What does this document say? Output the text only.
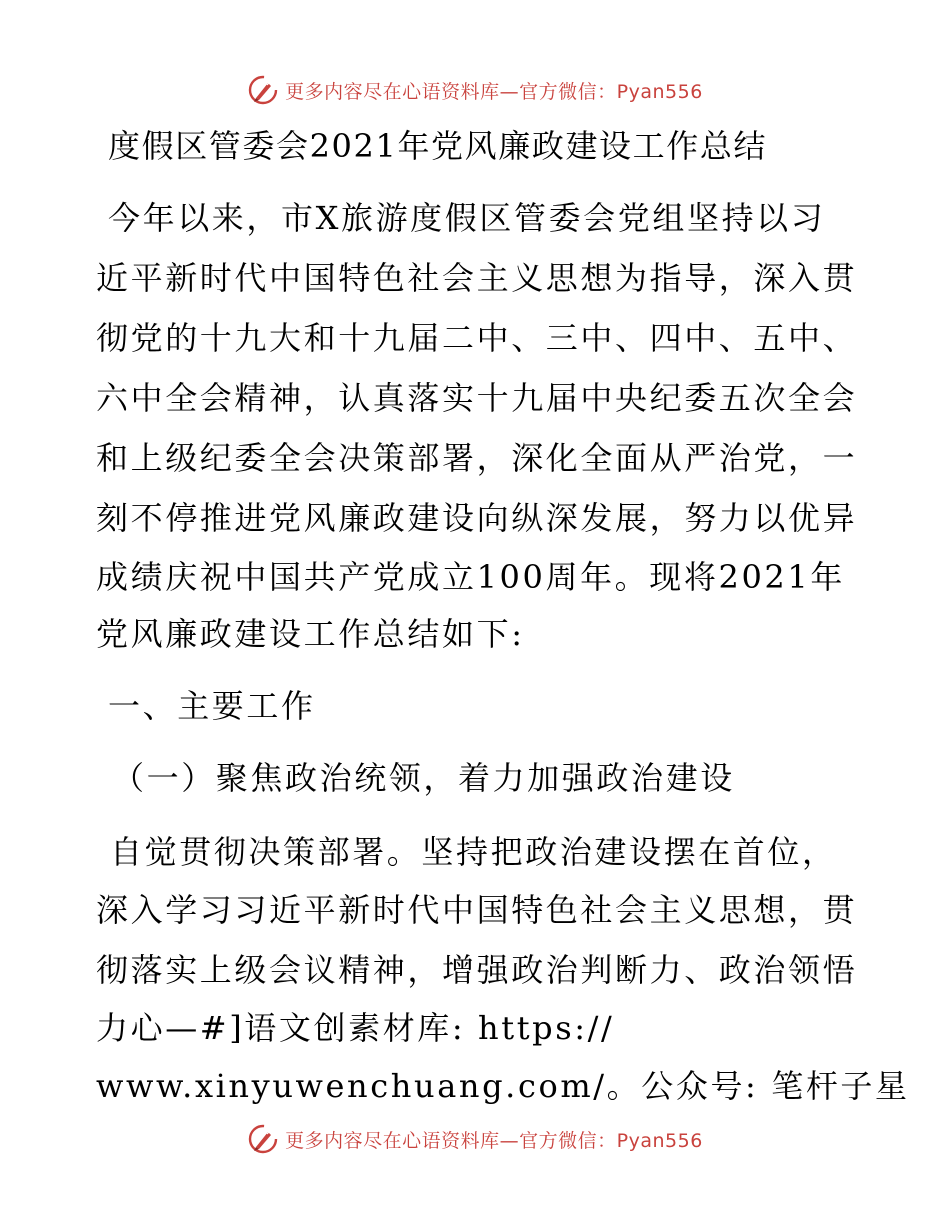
更多内容尽在心语资料库—官方微信：Pyan556
度假区管委会2021年党风廉政建设工作总结
今年以来，市X旅游度假区管委会党组坚持以习
近平新时代中国特色社会主义思想为指导，深入贯
彻党的十九大和十九届二中、三中、四中、五中、
六中全会精神，认真落实十九届中央纪委五次全会
和上级纪委全会决策部署，深化全面从严治党，一
刻不停推进党风廉政建设向纵深发展，努力以优异
成绩庆祝中国共产党成立100周年。现将2021年
党风廉政建设工作总结如下:
一、主要工作
（一）聚焦政治统领，着力加强政治建设
自觉贯彻决策部署。坚持把政治建设摆在首位，
深入学习习近平新时代中国特色社会主义思想，贯
彻落实上级会议精神，增强政治判断力、政治领悟
力心—#]语文创素材库: https://
www.xinyuwenchuang.com/。公众号: 笔杆子星
更多内容尽在心语资料库—官方微信：Pyan556
